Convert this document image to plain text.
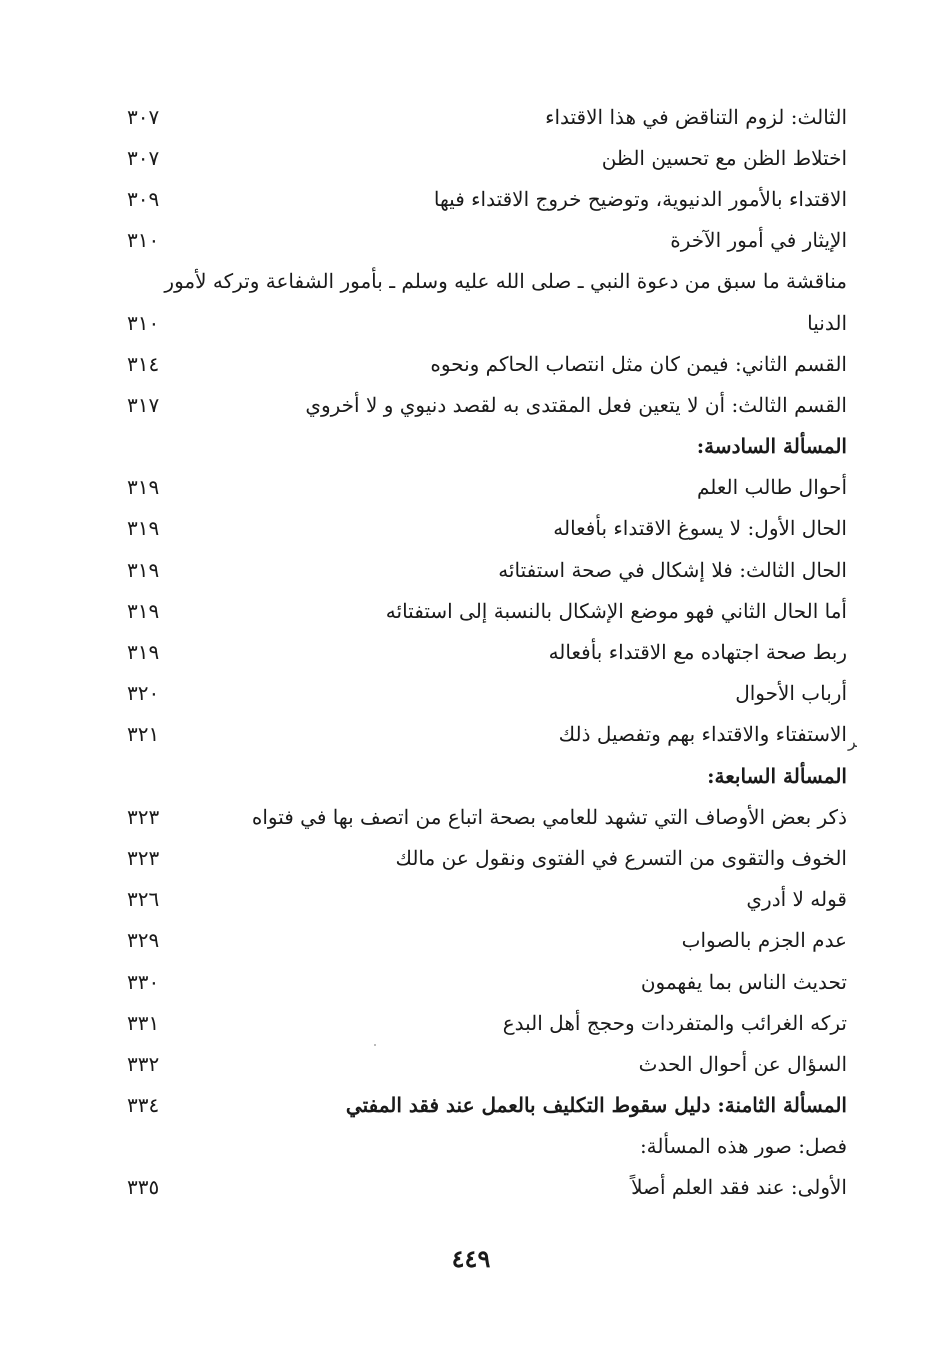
الثالث: لزوم التناقض في هذا الاقتداء
٣٠٧
اختلاط الظن مع تحسين الظن
٣٠٧
الاقتداء بالأمور الدنيوية، وتوضيح خروج الاقتداء فيها
٣٠٩
الإيثار في أمور الآخرة
٣١٠
مناقشة ما سبق من دعوة النبي ـ صلى الله عليه وسلم ـ بأمور الشفاعة وتركه لأمور
الدنيا
٣١٠
القسم الثاني: فيمن كان مثل انتصاب الحاكم ونحوه
٣١٤
القسم الثالث: أن لا يتعين فعل المقتدى به لقصد دنيوي و لا أخروي
٣١٧
المسألة السادسة:
أحوال طالب العلم
٣١٩
الحال الأول: لا يسوغ الاقتداء بأفعاله
٣١٩
الحال الثالث: فلا إشكال في صحة استفتائه
٣١٩
أما الحال الثاني فهو موضع الإشكال بالنسبة إلى استفتائه
٣١٩
ربط صحة اجتهاده مع الاقتداء بأفعاله
٣١٩
أرباب الأحوال
٣٢٠
الاستفتاء والاقتداء بهم وتفصيل ذلك
٣٢١
المسألة السابعة:
ذكر بعض الأوصاف التي تشهد للعامي بصحة اتباع من اتصف بها في فتواه
٣٢٣
الخوف والتقوى من التسرع في الفتوى ونقول عن مالك
٣٢٣
قوله لا أدري
٣٢٦
عدم الجزم بالصواب
٣٢٩
تحديث الناس بما يفهمون
٣٣٠
تركه الغرائب والمتفردات وحجج أهل البدع
٣٣١
السؤال عن أحوال الحدث
٣٣٢
المسألة الثامنة: دليل سقوط التكليف بالعمل عند فقد المفتي
٣٣٤
فصل: صور هذه المسألة:
الأولى: عند فقد العلم أصلاً
٣٣٥
ﺮ
٤٤٩
